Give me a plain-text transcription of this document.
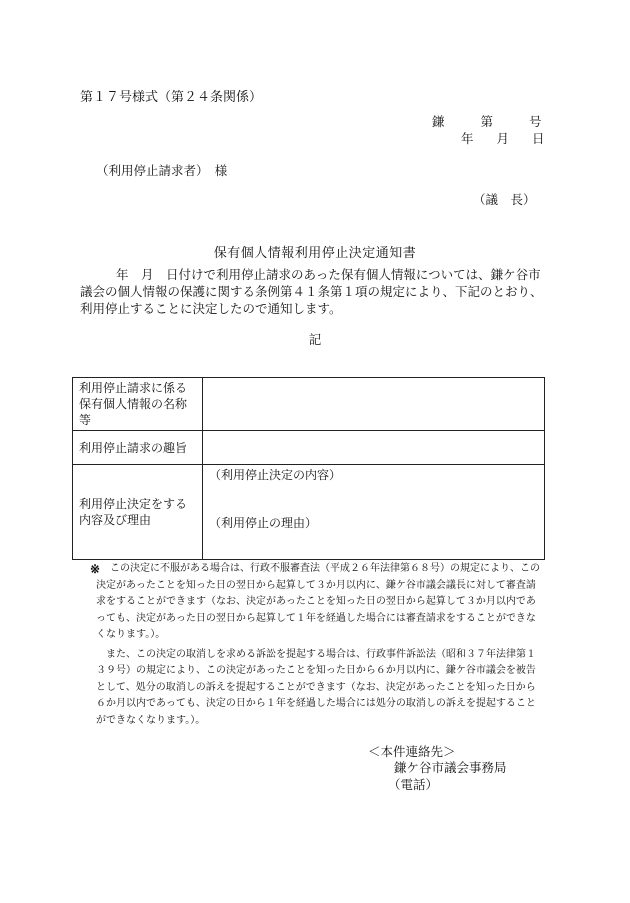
第１７号様式（第２４条関係）
鎌	第	号
年 月 日
（利用停止請求者）　様
（議　長）
保有個人情報利用停止決定通知書
年　月　日付けで利用停止請求のあった保有個人情報については、鎌ケ谷市議会の個人情報の保護に関する条例第４１条第１項の規定により、下記のとおり、利用停止することに決定したので通知します。
記
利用停止請求に係る保有個人情報の名称等	
利用停止請求の趣旨	
利用停止決定をする内容及び理由	（利用停止決定の内容）
（利用停止の理由）
※ この決定に不服がある場合は、行政不服審査法（平成２６年法律第６８号）の規定により、この決定があったことを知った日の翌日から起算して３か月以内に、鎌ケ谷市議会議長に対して審査請求をすることができます（なお、決定があったことを知った日の翌日から起算して３か月以内であっても、決定があった日の翌日から起算して１年を経過した場合には審査請求をすることができなくなります。）。

また、この決定の取消しを求める訴訟を提起する場合は、行政事件訴訟法（昭和３７年法律第１３９号）の規定により、この決定があったことを知った日から６か月以内に、鎌ケ谷市議会を被告として、処分の取消しの訴えを提起することができます（なお、決定があったことを知った日から６か月以内であっても、決定の日から１年を経過した場合には処分の取消しの訴えを提起することができなくなります。）。

＜本件連絡先＞
鎌ケ谷市議会事務局
（電話）
